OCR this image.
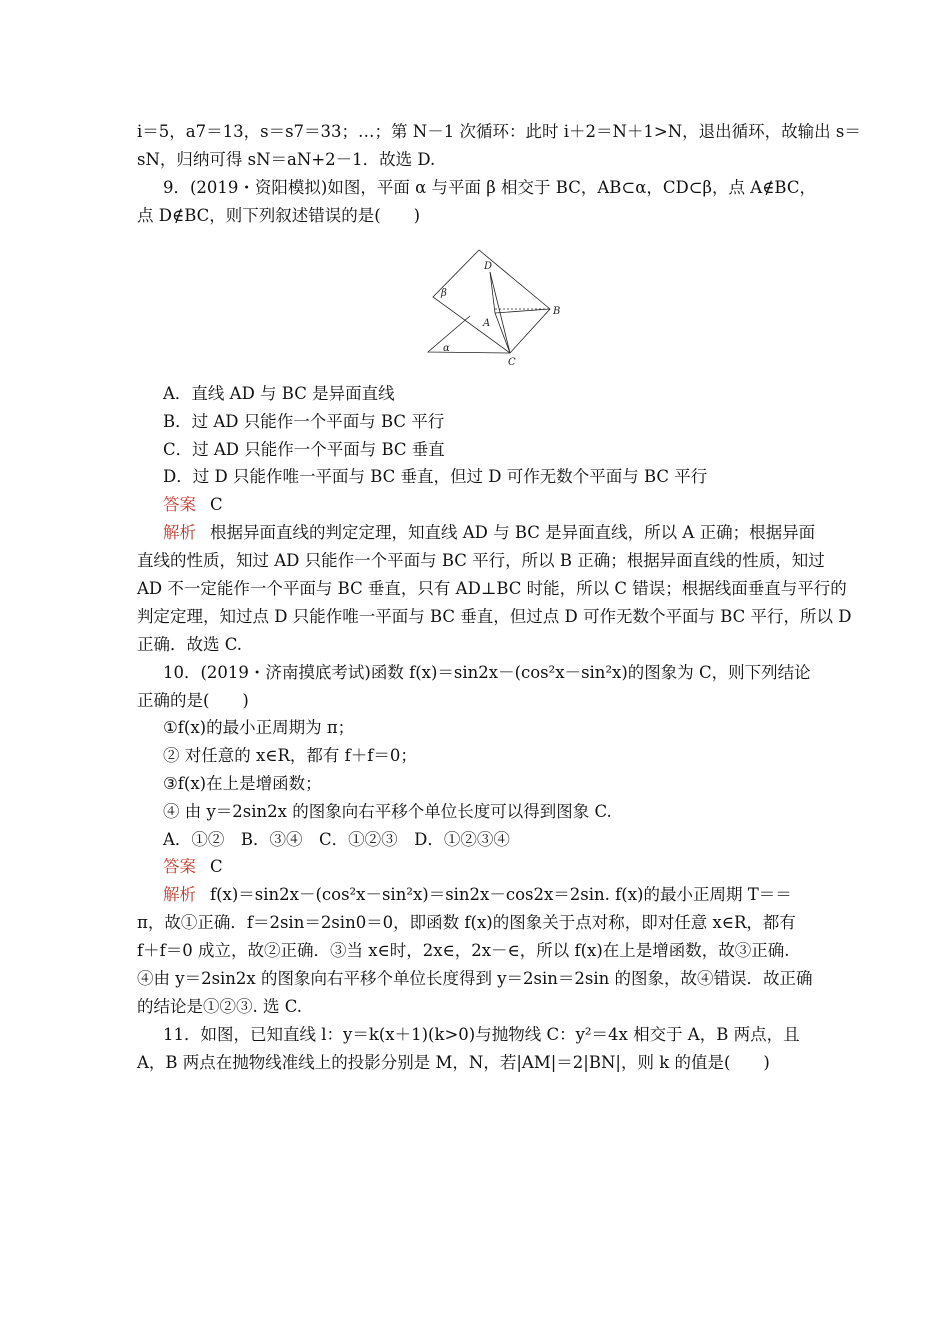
i＝5，a7＝13，s＝s7＝33；…；第 N－1 次循环：此时 i＋2＝N＋1>N，退出循环，故输出 s＝
sN，归纳可得 sN＝aN+2－1．故选 D.
9．(2019・资阳模拟)如图，平面 α 与平面 β 相交于 BC，AB⊂α，CD⊂β，点 A∉BC，
点 D∉BC，则下列叙述错误的是(　　)
D
β
A
B
α
C
A．直线 AD 与 BC 是异面直线
B．过 AD 只能作一个平面与 BC 平行
C．过 AD 只能作一个平面与 BC 垂直
D．过 D 只能作唯一平面与 BC 垂直，但过 D 可作无数个平面与 BC 平行
答案 C
解析 根据异面直线的判定定理，知直线 AD 与 BC 是异面直线，所以 A 正确；根据异面
直线的性质，知过 AD 只能作一个平面与 BC 平行，所以 B 正确；根据异面直线的性质，知过
AD 不一定能作一个平面与 BC 垂直，只有 AD⊥BC 时能，所以 C 错误；根据线面垂直与平行的
判定定理，知过点 D 只能作唯一平面与 BC 垂直，但过点 D 可作无数个平面与 BC 平行，所以 D
正确．故选 C.
10．(2019・济南摸底考试)函数 f(x)＝sin2x－(cos²x－sin²x)的图象为 C，则下列结论
正确的是(　　)
①f(x)的最小正周期为 π；
② 对任意的 x∈R，都有 f＋f＝0；
③f(x)在上是增函数；
④ 由 y＝2sin2x 的图象向右平移个单位长度可以得到图象 C.
A．①②　B．③④　C．①②③　D．①②③④
答案 C
解析 f(x)＝sin2x－(cos²x－sin²x)＝sin2x－cos2x＝2sin. f(x)的最小正周期 T＝＝
π，故①正确．f＝2sin＝2sin0＝0，即函数 f(x)的图象关于点对称，即对任意 x∈R，都有
f＋f＝0 成立，故②正确．③当 x∈时，2x∈，2x－∈，所以 f(x)在上是增函数，故③正确.
④由 y＝2sin2x 的图象向右平移个单位长度得到 y＝2sin＝2sin 的图象，故④错误．故正确
的结论是①②③. 选 C.
11．如图，已知直线 l：y＝k(x＋1)(k>0)与抛物线 C：y²＝4x 相交于 A，B 两点，且
A，B 两点在抛物线准线上的投影分别是 M，N，若|AM|＝2|BN|，则 k 的值是(　　)
